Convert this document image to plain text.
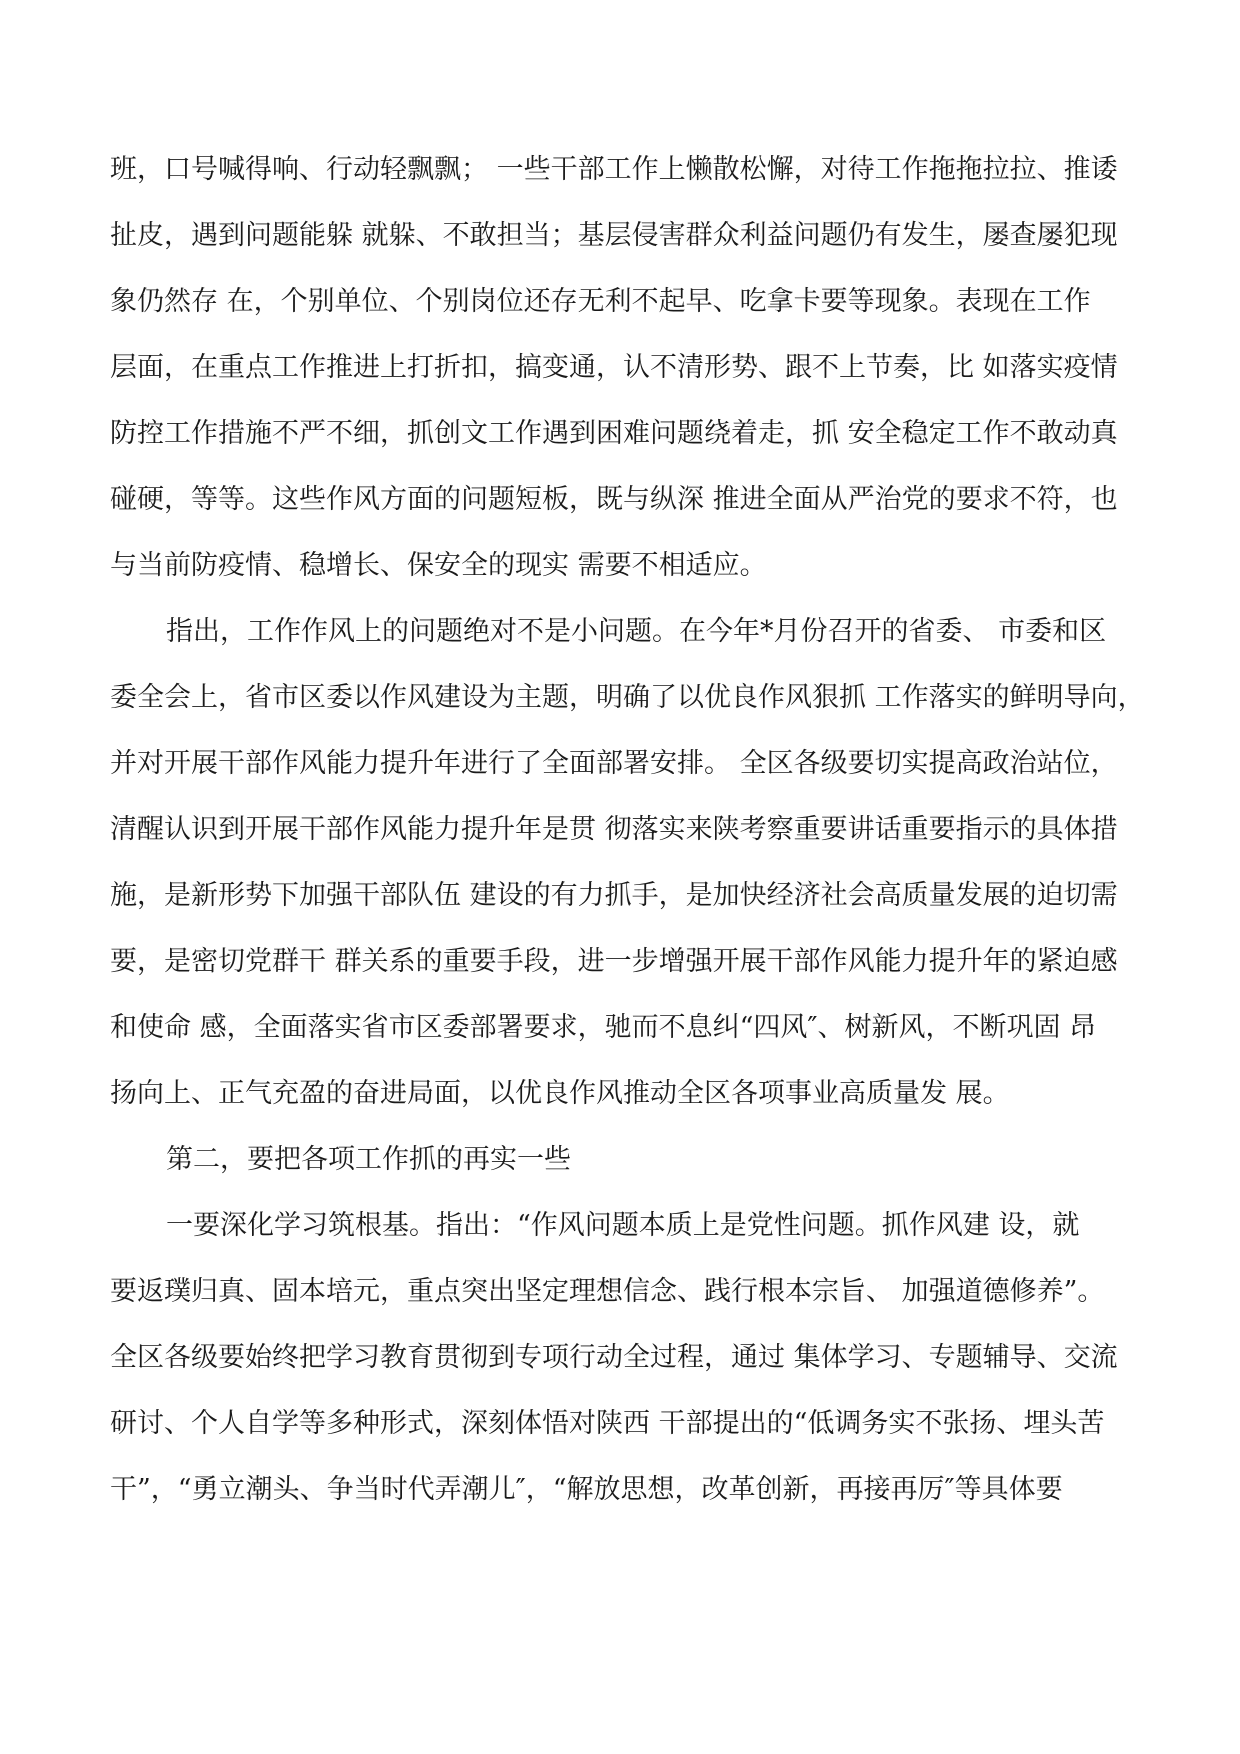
班，口号喊得响、行动轻飘飘； 一些干部工作上懒散松懈，对待工作拖拖拉拉、推诿

扯皮，遇到问题能躲 就躲、不敢担当；基层侵害群众利益问题仍有发生，屡查屡犯现

象仍然存 在，个别单位、个别岗位还存无利不起早、吃拿卡要等现象。表现在工作

层面，在重点工作推进上打折扣，搞变通，认不清形势、跟不上节奏，比 如落实疫情

防控工作措施不严不细，抓创文工作遇到困难问题绕着走，抓 安全稳定工作不敢动真

碰硬，等等。这些作风方面的问题短板，既与纵深 推进全面从严治党的要求不符，也

与当前防疫情、稳增长、保安全的现实 需要不相适应。

指出，工作作风上的问题绝对不是小问题。在今年*月份召开的省委、 市委和区

委全会上，省市区委以作风建设为主题，明确了以优良作风狠抓 工作落实的鲜明导向，

并对开展干部作风能力提升年进行了全面部署安排。 全区各级要切实提高政治站位，

清醒认识到开展干部作风能力提升年是贯 彻落实来陕考察重要讲话重要指示的具体措

施，是新形势下加强干部队伍 建设的有力抓手，是加快经济社会高质量发展的迫切需

要，是密切党群干 群关系的重要手段，进一步增强开展干部作风能力提升年的紧迫感

和使命 感，全面落实省市区委部署要求，驰而不息纠“四风″、树新风，不断巩固 昂

扬向上、正气充盈的奋进局面，以优良作风推动全区各项事业高质量发 展。

第二，要把各项工作抓的再实一些

一要深化学习筑根基。指出：“作风问题本质上是党性问题。抓作风建 设，就

要返璞归真、固本培元，重点突出坚定理想信念、践行根本宗旨、 加强道德修养”。

全区各级要始终把学习教育贯彻到专项行动全过程，通过 集体学习、专题辅导、交流

研讨、个人自学等多种形式，深刻体悟对陕西 干部提出的“低调务实不张扬、埋头苦

干”，“勇立潮头、争当时代弄潮儿″，“解放思想，改革创新，再接再厉″等具体要
